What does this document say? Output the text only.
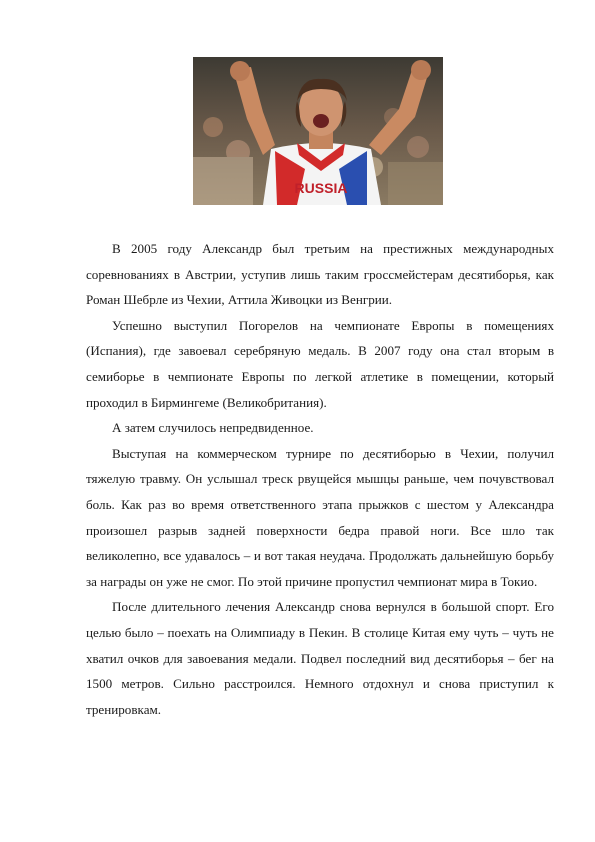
RUSSIA

В 2005 году Александр был третьим на престижных международных соревнованиях в Австрии, уступив лишь таким гроссмейстерам десятиборья, как Роман Шебрле из Чехии, Аттила Живоцки из Венгрии.

Успешно выступил Погорелов на чемпионате Европы в помещениях (Испания), где завоевал серебряную медаль. В 2007 году она стал вторым в семиборье в чемпионате Европы по легкой атлетике в помещении, который проходил в Бирмингеме (Великобритания).

А затем случилось непредвиденное.

Выступая на коммерческом турнире по десятиборью в Чехии, получил тяжелую травму. Он услышал треск рвущейся мышцы раньше, чем почувствовал боль. Как раз во время ответственного этапа прыжков с шестом у Александра произошел разрыв задней поверхности бедра правой ноги. Все шло так великолепно, все удавалось – и вот такая неудача. Продолжать дальнейшую борьбу за награды он уже не смог. По этой причине пропустил чемпионат мира в Токио.

После длительного лечения Александр снова вернулся в большой спорт. Его целью было – поехать на Олимпиаду в Пекин. В столице Китая ему чуть – чуть не хватил очков для завоевания медали. Подвел последний вид десятиборья – бег на 1500 метров. Сильно расстроился. Немного отдохнул и снова приступил к тренировкам.
